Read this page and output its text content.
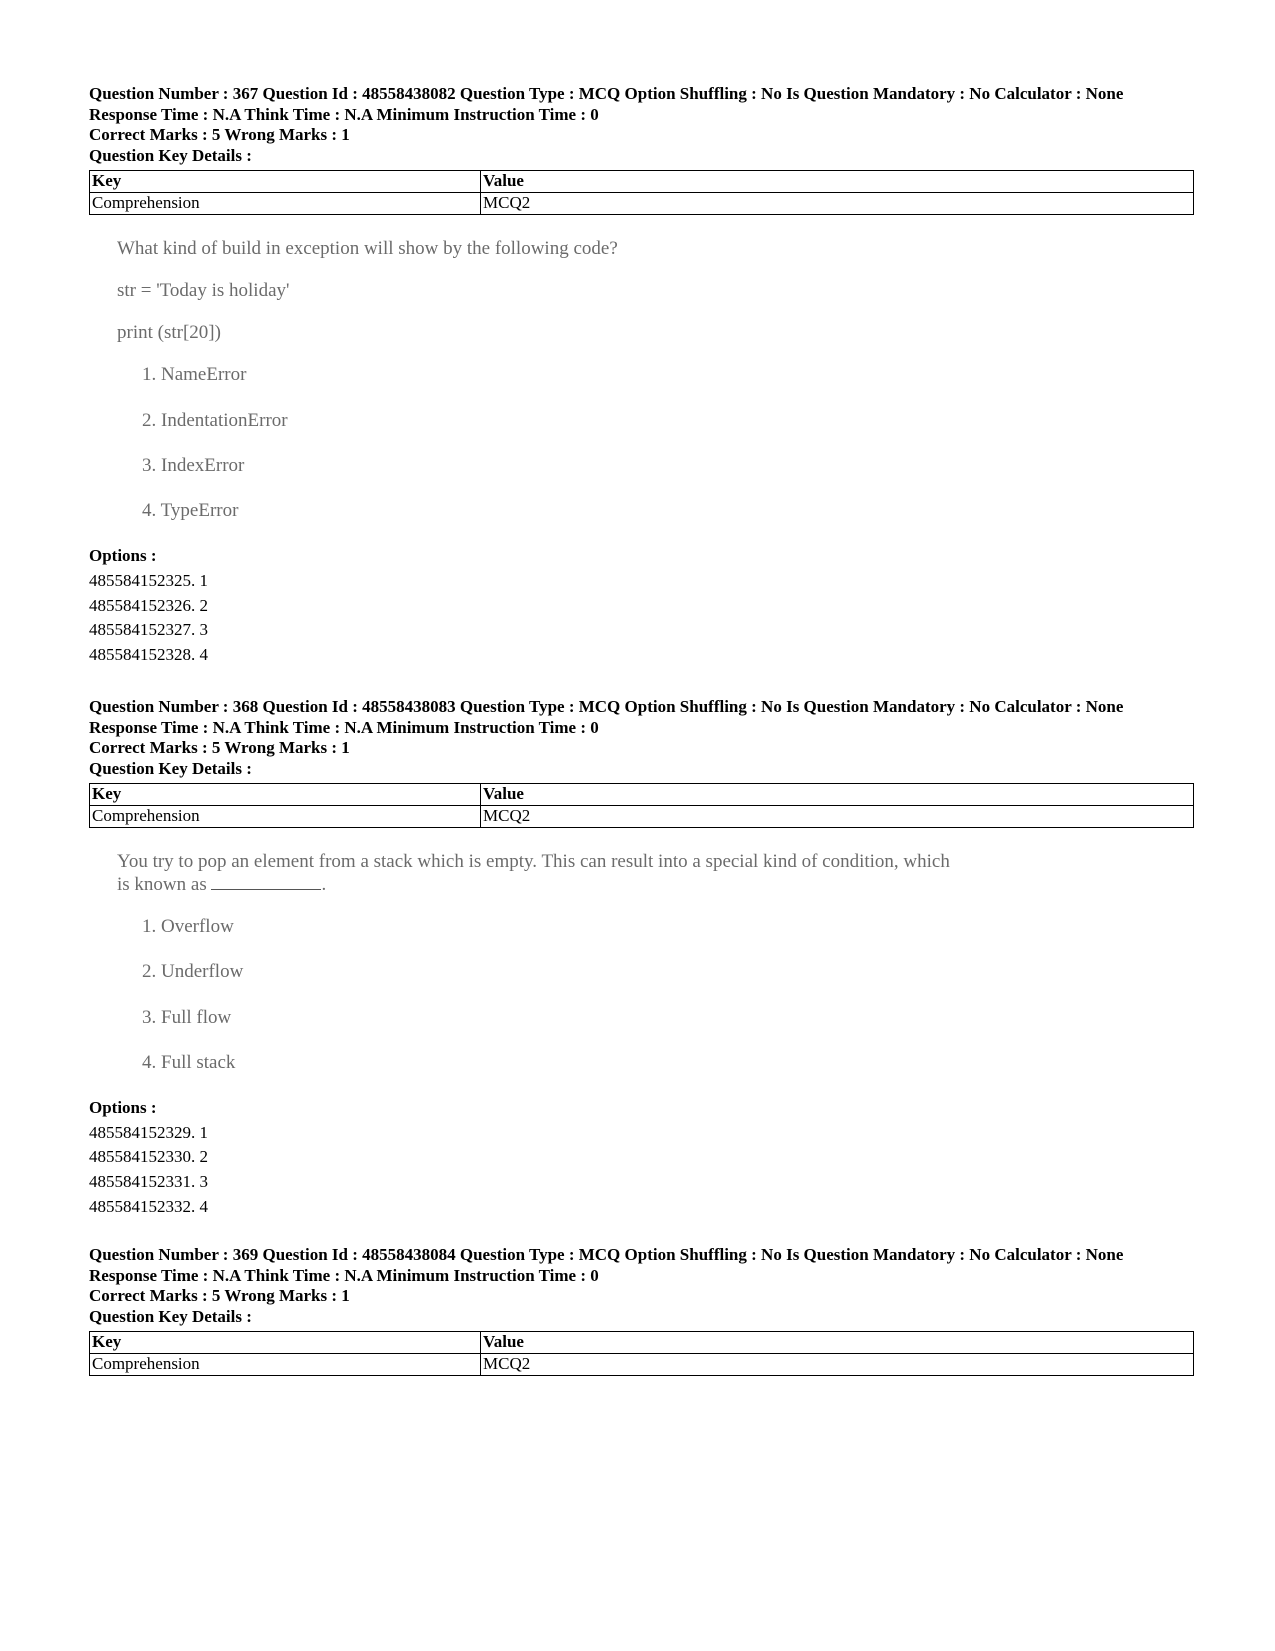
Question Number : 367 Question Id : 48558438082 Question Type : MCQ Option Shuffling : No Is Question Mandatory : No Calculator : None

Response Time : N.A Think Time : N.A Minimum Instruction Time : 0

Correct Marks : 5 Wrong Marks : 1

Question Key Details :

Key	Value
Comprehension	MCQ2

What kind of build in exception will show by the following code?

str = 'Today is holiday'

print (str[20])

1. NameError

2. IndentationError

3. IndexError

4. TypeError

Options :

485584152325. 1

485584152326. 2

485584152327. 3

485584152328. 4

Question Number : 368 Question Id : 48558438083 Question Type : MCQ Option Shuffling : No Is Question Mandatory : No Calculator : None

Response Time : N.A Think Time : N.A Minimum Instruction Time : 0

Correct Marks : 5 Wrong Marks : 1

Question Key Details :

Key	Value
Comprehension	MCQ2

You try to pop an element from a stack which is empty. This can result into a special kind of condition, which

is known as	.

1. Overflow

2. Underflow

3. Full flow

4. Full stack

Options :

485584152329. 1

485584152330. 2

485584152331. 3

485584152332. 4

Question Number : 369 Question Id : 48558438084 Question Type : MCQ Option Shuffling : No Is Question Mandatory : No Calculator : None

Response Time : N.A Think Time : N.A Minimum Instruction Time : 0

Correct Marks : 5 Wrong Marks : 1

Question Key Details :

Key	Value
Comprehension	MCQ2
